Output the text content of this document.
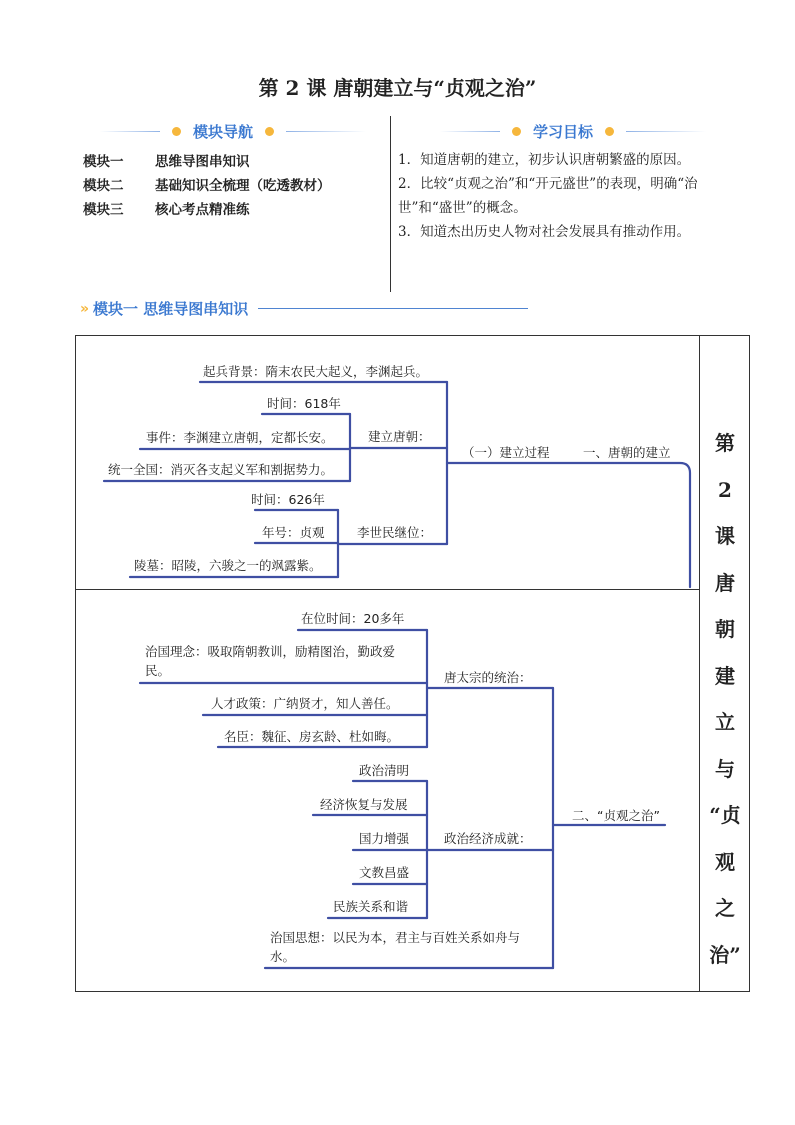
第 2 课 唐朝建立与“贞观之治”
模块导航	学习目标
模块一 思维导图串知识
模块二 基础知识全梳理（吃透教材）
模块三 核心考点精准练

1．知道唐朝的建立，初步认识唐朝繁盛的原因。

2．比较“贞观之治”和“开元盛世”的表现，明确“治世”和“盛世”的概念。

3．知道杰出历史人物对社会发展具有推动作用。

» 模块一 思维导图串知识
第
2
课
唐
朝
建
立
与
“贞
观
之
治”
起兵背景：隋末农民大起义，李渊起兵。
时间：618年
事件：李渊建立唐朝，定都长安。
统一全国：消灭各支起义军和割据势力。
建立唐朝：
时间：626年
年号：贞观
陵墓：昭陵，六骏之一的飒露紫。
李世民继位：
（一）建立过程	一、唐朝的建立
在位时间：20多年
治国理念：吸取隋朝教训，励精图治，勤政爱
民。
人才政策：广纳贤才，知人善任。
名臣：魏征、房玄龄、杜如晦。
唐太宗的统治：
政治清明
经济恢复与发展
国力增强
文教昌盛
民族关系和谐
政治经济成就：
治国思想：以民为本，君主与百姓关系如舟与
水。
二、“贞观之治”
